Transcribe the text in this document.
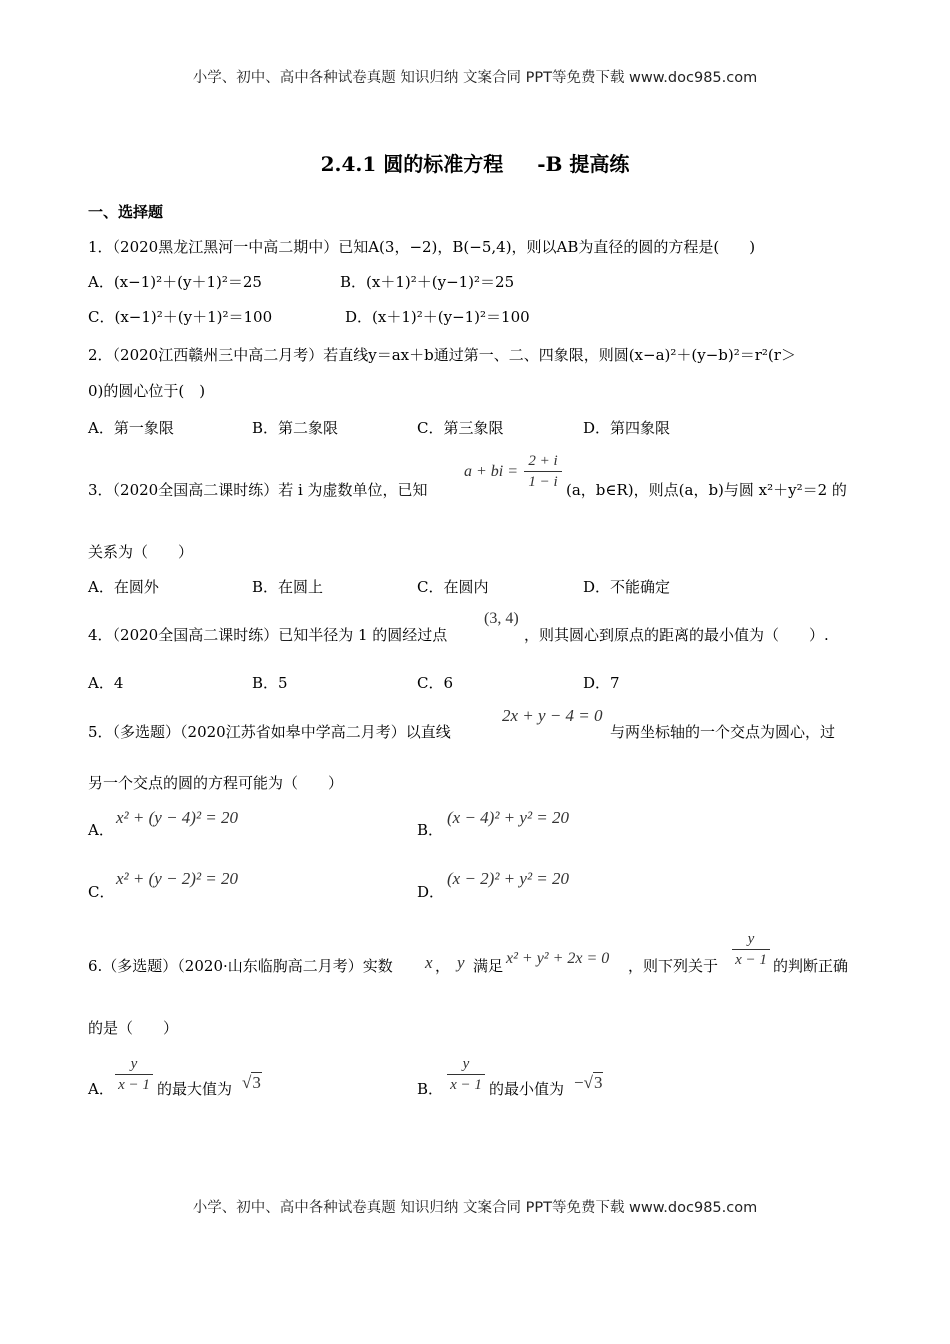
小学、初中、高中各种试卷真题 知识归纳 文案合同 PPT等免费下载 www.doc985.com
2.4.1 圆的标准方程 -B 提高练
一、选择题
1．（2020黑龙江黑河一中高二期中）已知A(3，−2)，B(−5,4)，则以AB为直径的圆的方程是(　　)
A．(x−1)²＋(y＋1)²＝25	B．(x＋1)²＋(y−1)²＝25
C．(x−1)²＋(y＋1)²＝100	D．(x＋1)²＋(y−1)²＝100
2．（2020江西赣州三中高二月考）若直线y＝ax＋b通过第一、二、四象限，则圆(x−a)²＋(y−b)²＝r²(r＞
0)的圆心位于(　)
A．第一象限	B．第二象限	C．第三象限	D．第四象限
3．（2020全国高二课时练）若 i 为虚数单位，已知
a + bi =
2 + i
1 − i (a，b∈R)，则点(a，b)与圆 x²＋y²＝2 的
关系为（　　）
A．在圆外	B．在圆上	C．在圆内	D．不能确定
4．（2020全国高二课时练）已知半径为 1 的圆经过点
(3, 4)
，则其圆心到原点的距离的最小值为（　　）.
A．4	B．5	C．6	D．7
5．（多选题）（2020江苏省如皋中学高二月考）以直线
2x + y − 4 = 0
与两坐标轴的一个交点为圆心，过
另一个交点的圆的方程可能为（　　）
A．
x² + (y − 4)² = 20
B．
(x − 4)² + y² = 20
C．
x² + (y − 2)² = 20
D．
(x − 2)² + y² = 20
6.（多选题）（2020·山东临朐高二月考）实数 x ， y 满足 x² + y² + 2x = 0 ，则下列关于
y
x − 1 的判断正确
的是（　　）
A．
y
x − 1 的最大值为 √3	B．
y
x − 1 的最小值为 −√3
小学、初中、高中各种试卷真题 知识归纳 文案合同 PPT等免费下载 www.doc985.com
